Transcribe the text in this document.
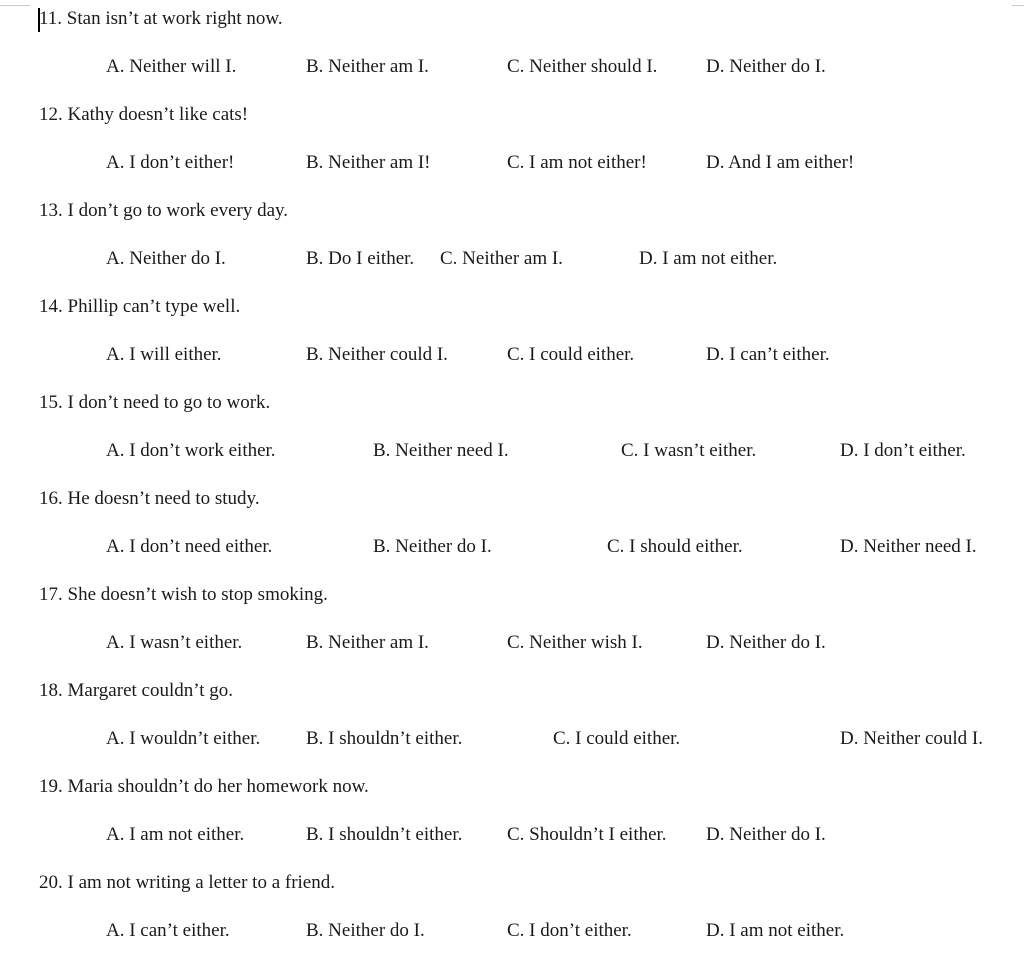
11. Stan isn’t at work right now.
A. Neither will I.	B. Neither am I.	C. Neither should I.	D. Neither do I.
12. Kathy doesn’t like cats!
A. I don’t either!	B. Neither am I!	C. I am not either!	D. And I am either!
13. I don’t go to work every day.
A. Neither do I.	B. Do I either. C. Neither am I.	D. I am not either.
14. Phillip can’t type well.
A. I will either.	B. Neither could I.	C. I could either.	D. I can’t either.
15. I don’t need to go to work.
A. I don’t work either.	B. Neither need I.	C. I wasn’t either.	D. I don’t either.
16. He doesn’t need to study.
A. I don’t need either.	B. Neither do I.	C. I should either.	D. Neither need I.
17. She doesn’t wish to stop smoking.
A. I wasn’t either.	B. Neither am I.	C. Neither wish I.	D. Neither do I.
18. Margaret couldn’t go.
A. I wouldn’t either. B. I shouldn’t either.	C. I could either.	D. Neither could I.
19. Maria shouldn’t do her homework now.
A. I am not either.	B. I shouldn’t either. C. Shouldn’t I either. D. Neither do I.
20. I am not writing a letter to a friend.
A. I can’t either.	B. Neither do I.	C. I don’t either.	D. I am not either.
